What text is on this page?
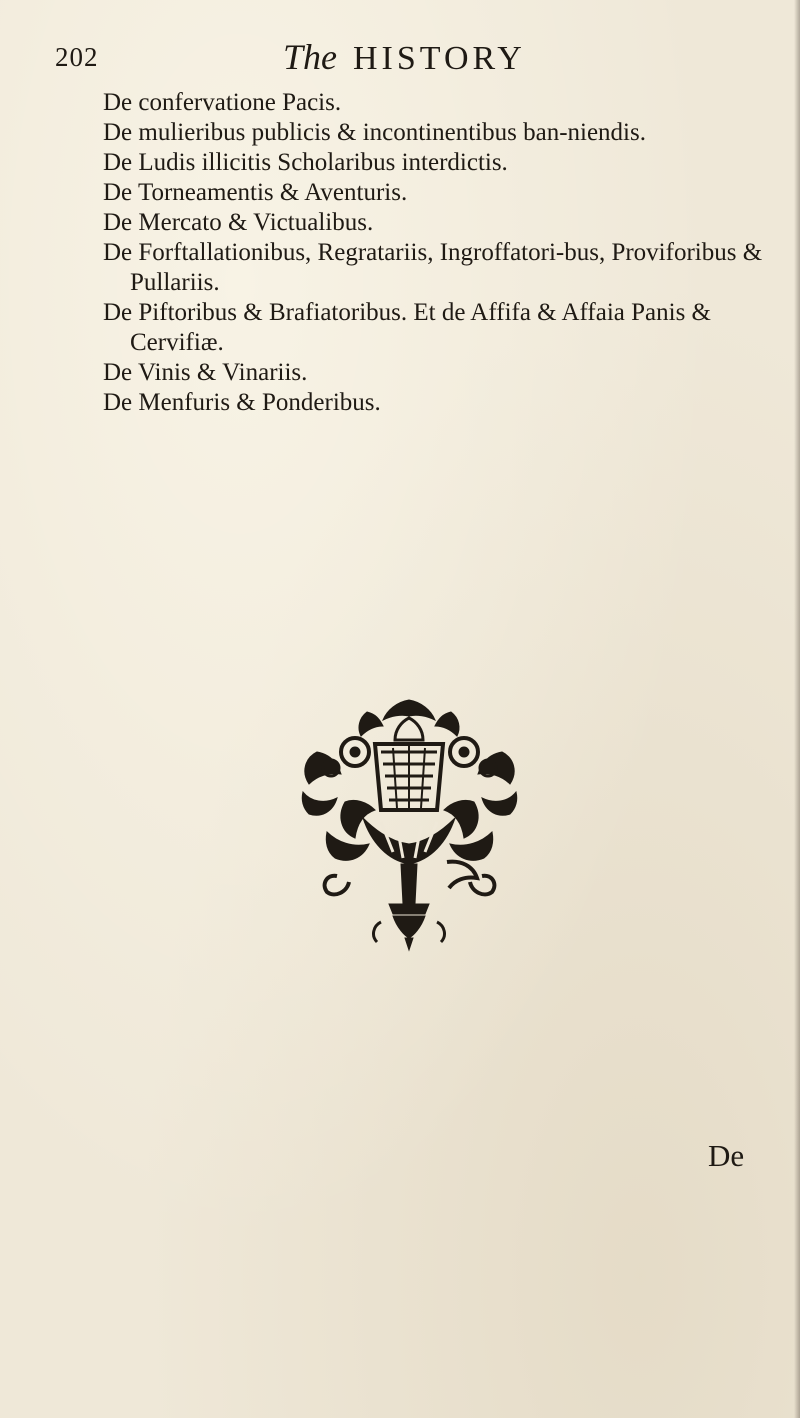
202	The HISTORY

De confervatione Pacis.

De mulieribus publicis & incontinentibus ban-niendis.

De Ludis illicitis Scholaribus interdictis.

De Torneamentis & Aventuris.

De Mercato & Victualibus.

De Forftallationibus, Regratariis, Ingroffatori-bus, Proviforibus & Pullariis.

De Piftoribus & Brafiatoribus. Et de Affifa & Affaia Panis & Cervifiæ.

De Vinis & Vinariis.

De Menfuris & Ponderibus.

De
